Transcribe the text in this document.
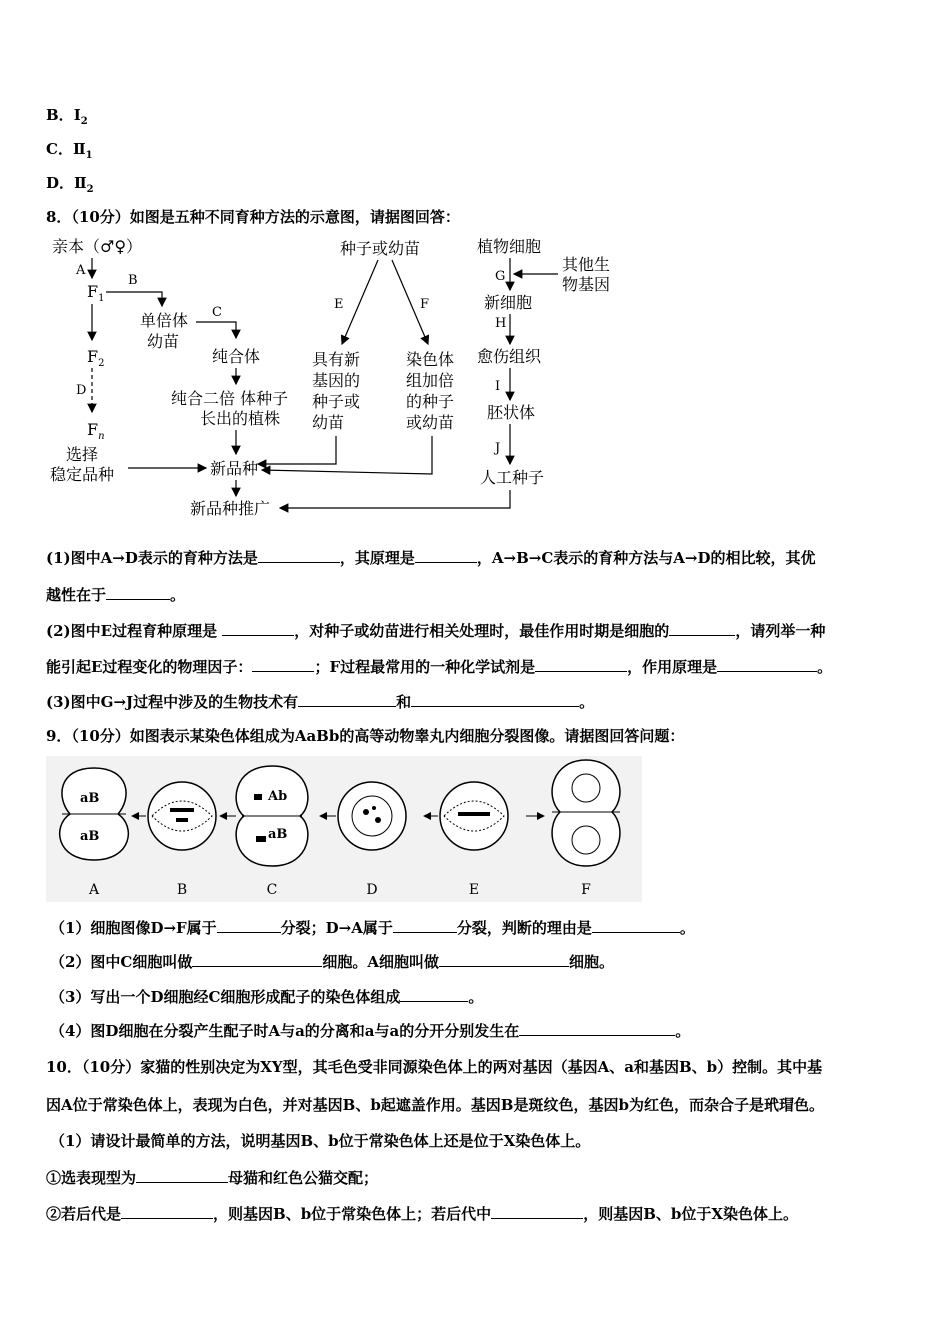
B．$I_2$
C．$Ⅱ_1$
D．$Ⅱ_2$
8．（10分）如图是五种不同育种方法的示意图，请据图回答：
亲本（♂♀）
A
$F_1$
B
单倍体
幼苗
C
纯合体
$F_2$
D
$F_n$
纯合二倍 体种子
长出的植株
选择
稳定品种	新品种
新品种推广
种子或幼苗
E	F
具有新
基因的
种子或
幼苗
染色体
组加倍
的种子
或幼苗
植物细胞
其他生
物基因
G
新细胞
H
愈伤组织
I
胚状体
J
人工种子
(1)图中A→D表示的育种方法是	，其原理是	，A→B→C表示的育种方法与A→D的相比较，其优
越性在于	。
(2)图中E过程育种原理是	，对种子或幼苗进行相关处理时，最佳作用时期是细胞的	，请列举一种
能引起E过程变化的物理因子：	；F过程最常用的一种化学试剂是	，作用原理是	。
(3)图中G→J过程中涉及的生物技术有	和	。
9．（10分）如图表示某染色体组成为AaBb的高等动物睾丸内细胞分裂图像。请据图回答问题：
aB
aB
Ab
aB
A	B	C	D	E	F
（1）细胞图像D→F属于	分裂；D→A属于	分裂，判断的理由是	。
（2）图中C细胞叫做	细胞。A细胞叫做	细胞。
（3）写出一个D细胞经C细胞形成配子的染色体组成	。
（4）图D细胞在分裂产生配子时A与a的分离和a与a的分开分别发生在	。
10．（10分）家猫的性别决定为XY型，其毛色受非同源染色体上的两对基因（基因A、a和基因B、b）控制。其中基
因A位于常染色体上，表现为白色，并对基因B、b起遮盖作用。基因B是斑纹色，基因b为红色，而杂合子是玳瑁色。
（1）请设计最简单的方法，说明基因B、b位于常染色体上还是位于X染色体上。
①选表现型为	母猫和红色公猫交配；
②若后代是	，则基因B、b位于常染色体上；若后代中	，则基因B、b位于X染色体上。
